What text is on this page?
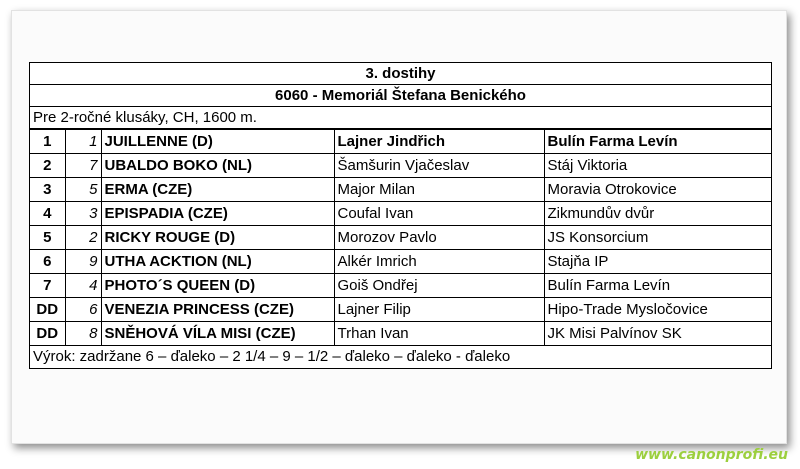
3. dostihy
6060 - Memoriál Štefana Benického
Pre 2-ročné klusáky, CH, 1600 m.
1	1	JUILLENNE (D)	Lajner Jindřich	Bulín Farma Levín
2	7	UBALDO BOKO (NL)	Šamšurin Vjačeslav	Stáj Viktoria
3	5	ERMA (CZE)	Major Milan	Moravia Otrokovice
4	3	EPISPADIA (CZE)	Coufal Ivan	Zikmundův dvůr
5	2	RICKY ROUGE (D)	Morozov Pavlo	JS Konsorcium
6	9	UTHA ACKTION (NL)	Alkér Imrich	Stajňa IP
7	4	PHOTO´S QUEEN (D)	Goiš Ondřej	Bulín Farma Levín
DD	6	VENEZIA PRINCESS (CZE)	Lajner Filip	Hipo-Trade Mysločovice
DD	8	SNĚHOVÁ VÍLA MISI (CZE)	Trhan Ivan	JK Misi Palvínov SK
Výrok: zadržane 6 – ďaleko – 2 1/4 – 9 – 1/2 – ďaleko – ďaleko - ďaleko
www.canonprofi.eu
